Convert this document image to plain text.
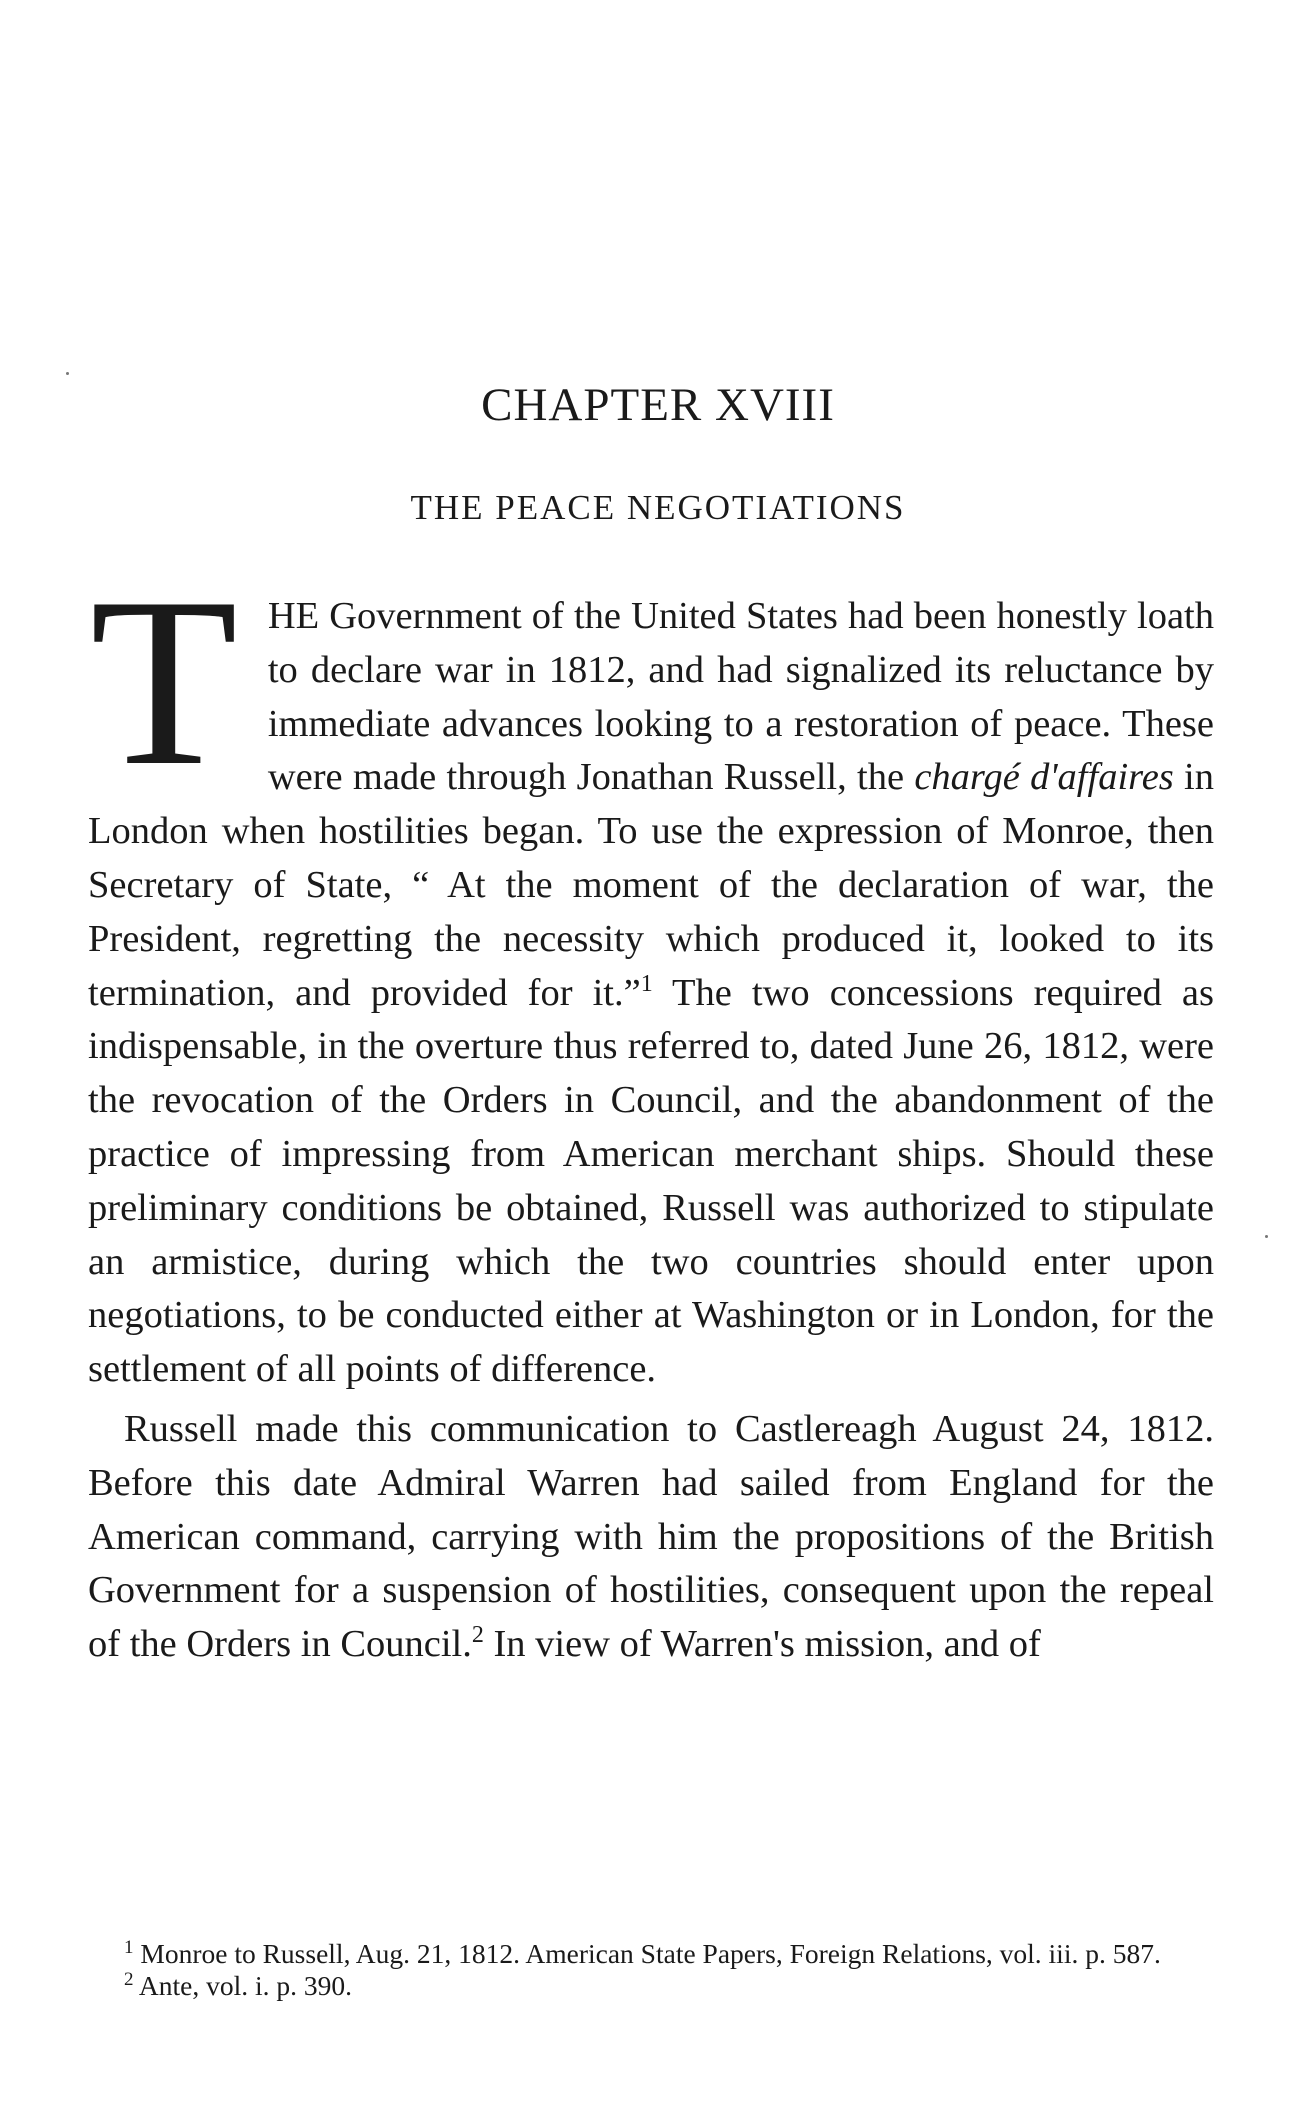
CHAPTER XVIII
THE PEACE NEGOTIATIONS

T HE Government of the United States had been honestly loath to declare war in 1812, and had signalized its reluctance by immediate advances looking to a restoration of peace. These were made through Jonathan Russell, the chargé d'affaires in London when hostilities began. To use the expression of Monroe, then Secretary of State, “ At the moment of the declaration of war, the President, regretting the necessity which produced it, looked to its termination, and provided for it.”$^1$ The two concessions required as indispensable, in the overture thus referred to, dated June 26, 1812, were the revocation of the Orders in Council, and the abandonment of the practice of impressing from American merchant ships. Should these preliminary conditions be obtained, Russell was authorized to stipulate an armistice, during which the two countries should enter upon negotiations, to be conducted either at Washington or in London, for the settlement of all points of difference.

Russell made this communication to Castlereagh August 24, 1812. Before this date Admiral Warren had sailed from England for the American command, carrying with him the propositions of the British Government for a suspension of hostilities, consequent upon the repeal of the Orders in Council.$^2$ In view of Warren's mission, and of

$^1$ Monroe to Russell, Aug. 21, 1812. American State Papers, Foreign Relations, vol. iii. p. 587.

$^2$ Ante, vol. i. p. 390.
